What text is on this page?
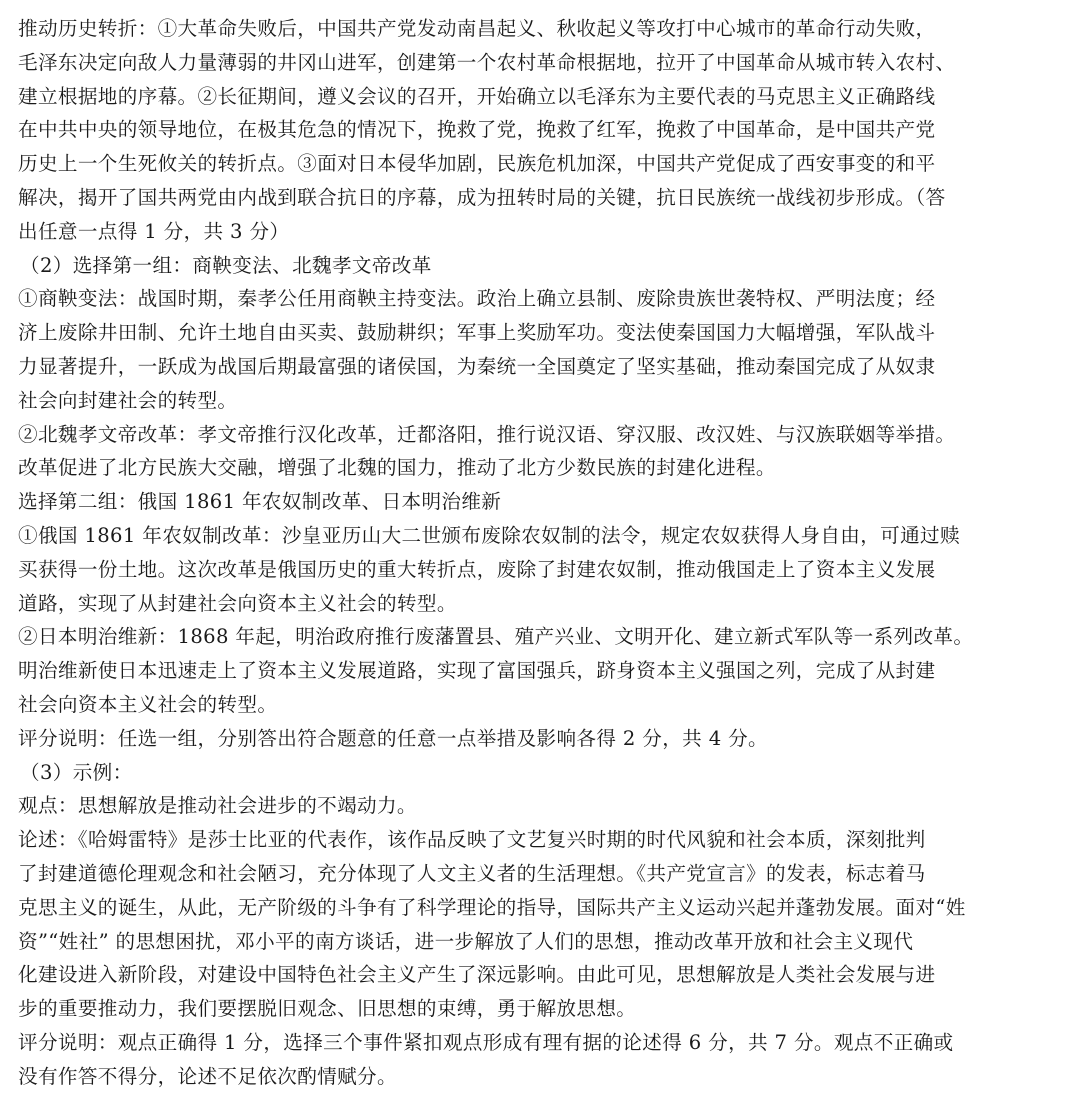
推动历史转折：①大革命失败后，中国共产党发动南昌起义、秋收起义等攻打中心城市的革命行动失败，
毛泽东决定向敌人力量薄弱的井冈山进军，创建第一个农村革命根据地，拉开了中国革命从城市转入农村、
建立根据地的序幕。②长征期间，遵义会议的召开，开始确立以毛泽东为主要代表的马克思主义正确路线
在中共中央的领导地位，在极其危急的情况下，挽救了党，挽救了红军，挽救了中国革命，是中国共产党
历史上一个生死攸关的转折点。③面对日本侵华加剧，民族危机加深，中国共产党促成了西安事变的和平
解决，揭开了国共两党由内战到联合抗日的序幕，成为扭转时局的关键，抗日民族统一战线初步形成。（答
出任意一点得 1 分，共 3 分）
（2）选择第一组：商鞅变法、北魏孝文帝改革
①商鞅变法：战国时期，秦孝公任用商鞅主持变法。政治上确立县制、废除贵族世袭特权、严明法度；经
济上废除井田制、允许土地自由买卖、鼓励耕织；军事上奖励军功。变法使秦国国力大幅增强，军队战斗
力显著提升，一跃成为战国后期最富强的诸侯国，为秦统一全国奠定了坚实基础，推动秦国完成了从奴隶
社会向封建社会的转型。
②北魏孝文帝改革：孝文帝推行汉化改革，迁都洛阳，推行说汉语、穿汉服、改汉姓、与汉族联姻等举措。
改革促进了北方民族大交融，增强了北魏的国力，推动了北方少数民族的封建化进程。
选择第二组：俄国 1861 年农奴制改革、日本明治维新
①俄国 1861 年农奴制改革：沙皇亚历山大二世颁布废除农奴制的法令，规定农奴获得人身自由，可通过赎
买获得一份土地。这次改革是俄国历史的重大转折点，废除了封建农奴制，推动俄国走上了资本主义发展
道路，实现了从封建社会向资本主义社会的转型。
②日本明治维新：1868 年起，明治政府推行废藩置县、殖产兴业、文明开化、建立新式军队等一系列改革。
明治维新使日本迅速走上了资本主义发展道路，实现了富国强兵，跻身资本主义强国之列，完成了从封建
社会向资本主义社会的转型。
评分说明：任选一组，分别答出符合题意的任意一点举措及影响各得 2 分，共 4 分。
（3）示例：
观点：思想解放是推动社会进步的不竭动力。
论述：《哈姆雷特》是莎士比亚的代表作，该作品反映了文艺复兴时期的时代风貌和社会本质，深刻批判
了封建道德伦理观念和社会陋习，充分体现了人文主义者的生活理想。《共产党宣言》的发表，标志着马
克思主义的诞生，从此，无产阶级的斗争有了科学理论的指导，国际共产主义运动兴起并蓬勃发展。面对“姓
资”“姓社” 的思想困扰，邓小平的南方谈话，进一步解放了人们的思想，推动改革开放和社会主义现代
化建设进入新阶段，对建设中国特色社会主义产生了深远影响。由此可见，思想解放是人类社会发展与进
步的重要推动力，我们要摆脱旧观念、旧思想的束缚，勇于解放思想。
评分说明：观点正确得 1 分，选择三个事件紧扣观点形成有理有据的论述得 6 分，共 7 分。观点不正确或
没有作答不得分，论述不足依次酌情赋分。
